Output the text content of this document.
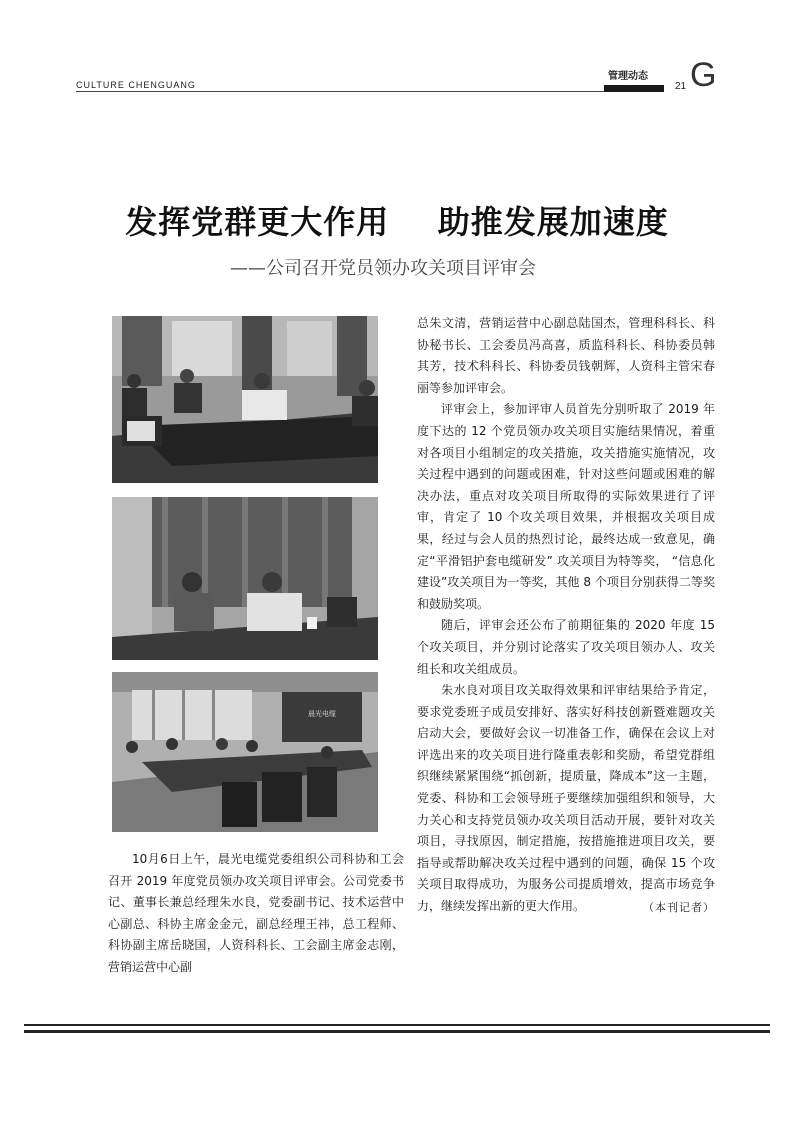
CULTURE CHENGUANG
管理动态
21 G
发挥党群更大作用    助推发展加速度
——公司召开党员领办攻关项目评审会
晨光电缆

10月6日上午，晨光电缆党委组织公司科协和工会召开 2019 年度党员领办攻关项目评审会。公司党委书记、董事长兼总经理朱水良，党委副书记、技术运营中心副总、科协主席金金元，副总经理王祎，总工程师、科协副主席岳晓国，人资科科长、工会副主席金志刚，营销运营中心副

总朱文清，营销运营中心副总陆国杰，管理科科长、科协秘书长、工会委员冯高喜，质监科科长、科协委员韩其芳，技术科科长、科协委员钱朝辉，人资科主管宋春丽等参加评审会。

评审会上，参加评审人员首先分别听取了 2019 年度下达的 12 个党员领办攻关项目实施结果情况，着重对各项目小组制定的攻关措施，攻关措施实施情况，攻关过程中遇到的问题或困难，针对这些问题或困难的解决办法，重点对攻关项目所取得的实际效果进行了评审，肯定了 10 个攻关项目效果，并根据攻关项目成果，经过与会人员的热烈讨论，最终达成一致意见，确定“平滑铝护套电缆研发” 攻关项目为特等奖， “信息化建设”攻关项目为一等奖，其他 8 个项目分别获得二等奖和鼓励奖项。

随后，评审会还公布了前期征集的 2020 年度 15 个攻关项目，并分别讨论落实了攻关项目领办人、攻关组长和攻关组成员。

朱水良对项目攻关取得效果和评审结果给予肯定，要求党委班子成员安排好、落实好科技创新暨难题攻关启动大会，要做好会议一切准备工作，确保在会议上对评选出来的攻关项目进行隆重表彰和奖励，希望党群组织继续紧紧围绕“抓创新，提质量，降成本”这一主题，党委、科协和工会领导班子要继续加强组织和领导，大力关心和支持党员领办攻关项目活动开展，要针对攻关项目，寻找原因，制定措施，按措施推进项目攻关，要指导或帮助解决攻关过程中遇到的问题，确保 15 个攻关项目取得成功，为服务公司提质增效，提高市场竞争力，继续发挥出新的更大作用。	（本刊记者）
